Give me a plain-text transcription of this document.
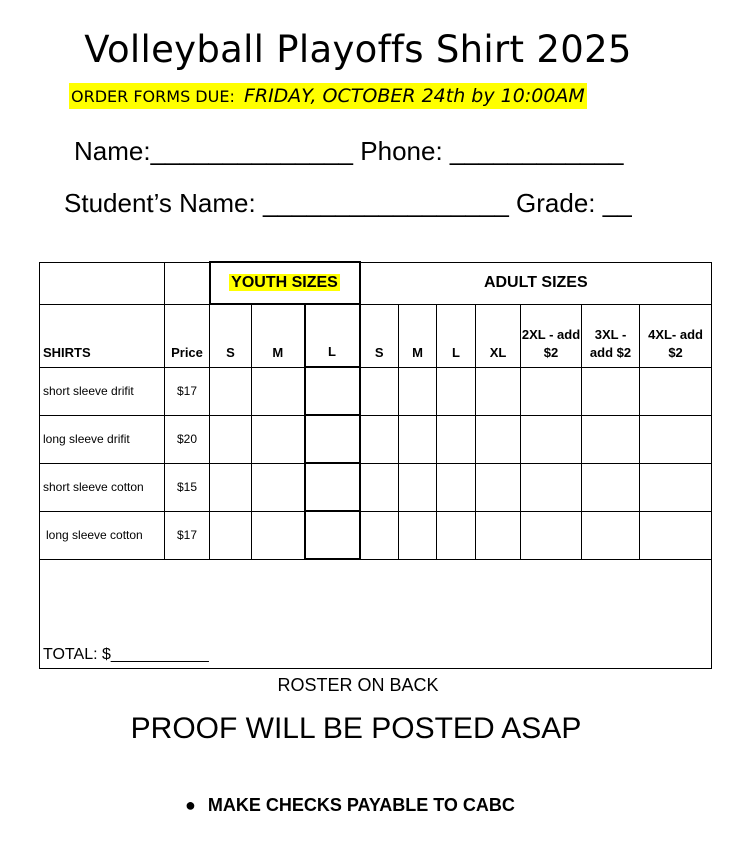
Volleyball Playoffs Shirt 2025
ORDER FORMS DUE: FRIDAY, OCTOBER 24th by 10:00AM
Name:______________ Phone: ____________
Student’s Name: _________________ Grade: __
		YOUTH SIZES			ADULT SIZES						
SHIRTS	Price	S	M	L	S	M	L	XL	2XL - add $2	3XL - add $2	4XL- add $2
short sleeve drifit	$17										
long sleeve drifit	$20										
short sleeve cotton	$15										
long sleeve cotton	$17										
TOTAL: $___________											
ROSTER ON BACK
PROOF WILL BE POSTED ASAP
● MAKE CHECKS PAYABLE TO CABC
